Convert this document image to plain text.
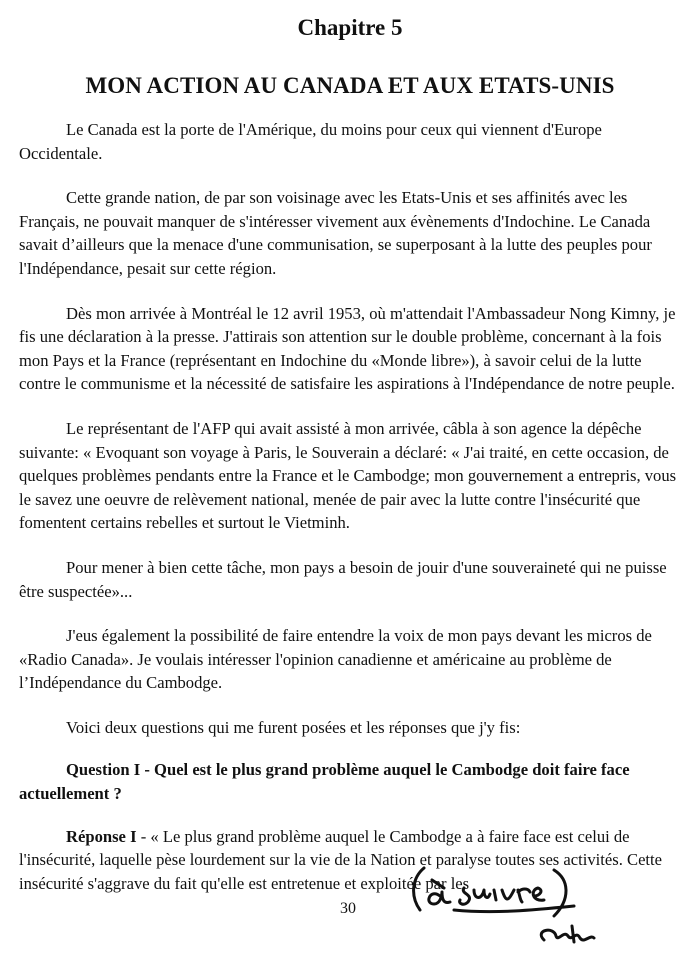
Chapitre 5
MON ACTION AU CANADA ET AUX ETATS-UNIS

Le Canada est la porte de l'Amérique, du moins pour ceux qui viennent d'Europe Occidentale.

Cette grande nation, de par son voisinage avec les Etats-Unis et ses affinités avec les Français, ne pouvait manquer de s'intéresser vivement aux évènements d'Indochine. Le Canada savait d’ailleurs que la menace d'une communisation, se superposant à la lutte des peuples pour l'Indépendance, pesait sur cette région.

Dès mon arrivée à Montréal le 12 avril 1953, où m'attendait l'Ambassadeur Nong Kimny, je fis une déclaration à la presse. J'attirais son attention sur le double problème, concernant à la fois mon Pays et la France (représentant en Indochine du «Monde libre»), à savoir celui de la lutte contre le communisme et la nécessité de satisfaire les aspirations à l'Indépendance de notre peuple.

Le représentant de l'AFP qui avait assisté à mon arrivée, câbla à son agence la dépêche suivante: « Evoquant son voyage à Paris, le Souverain a déclaré: « J'ai traité, en cette occasion, de quelques problèmes pendants entre la France et le Cambodge; mon gouvernement a entrepris, vous le savez une oeuvre de relèvement national, menée de pair avec la lutte contre l'insécurité que fomentent certains rebelles et surtout le Vietminh.

Pour mener à bien cette tâche, mon pays a besoin de jouir d'une souveraineté qui ne puisse être suspectée»...

J'eus également la possibilité de faire entendre la voix de mon pays devant les micros de «Radio Canada». Je voulais intéresser l'opinion canadienne et américaine au problème de l’Indépendance du Cambodge.

Voici deux questions qui me furent posées et les réponses que j'y fis:

Question I - Quel est le plus grand problème auquel le Cambodge doit faire face actuellement ?

Réponse I - « Le plus grand problème auquel le Cambodge a à faire face est celui de l'insécurité, laquelle pèse lourdement sur la vie de la Nation et paralyse toutes ses activités. Cette insécurité s'aggrave du fait qu'elle est entretenue et exploitée par les

30
